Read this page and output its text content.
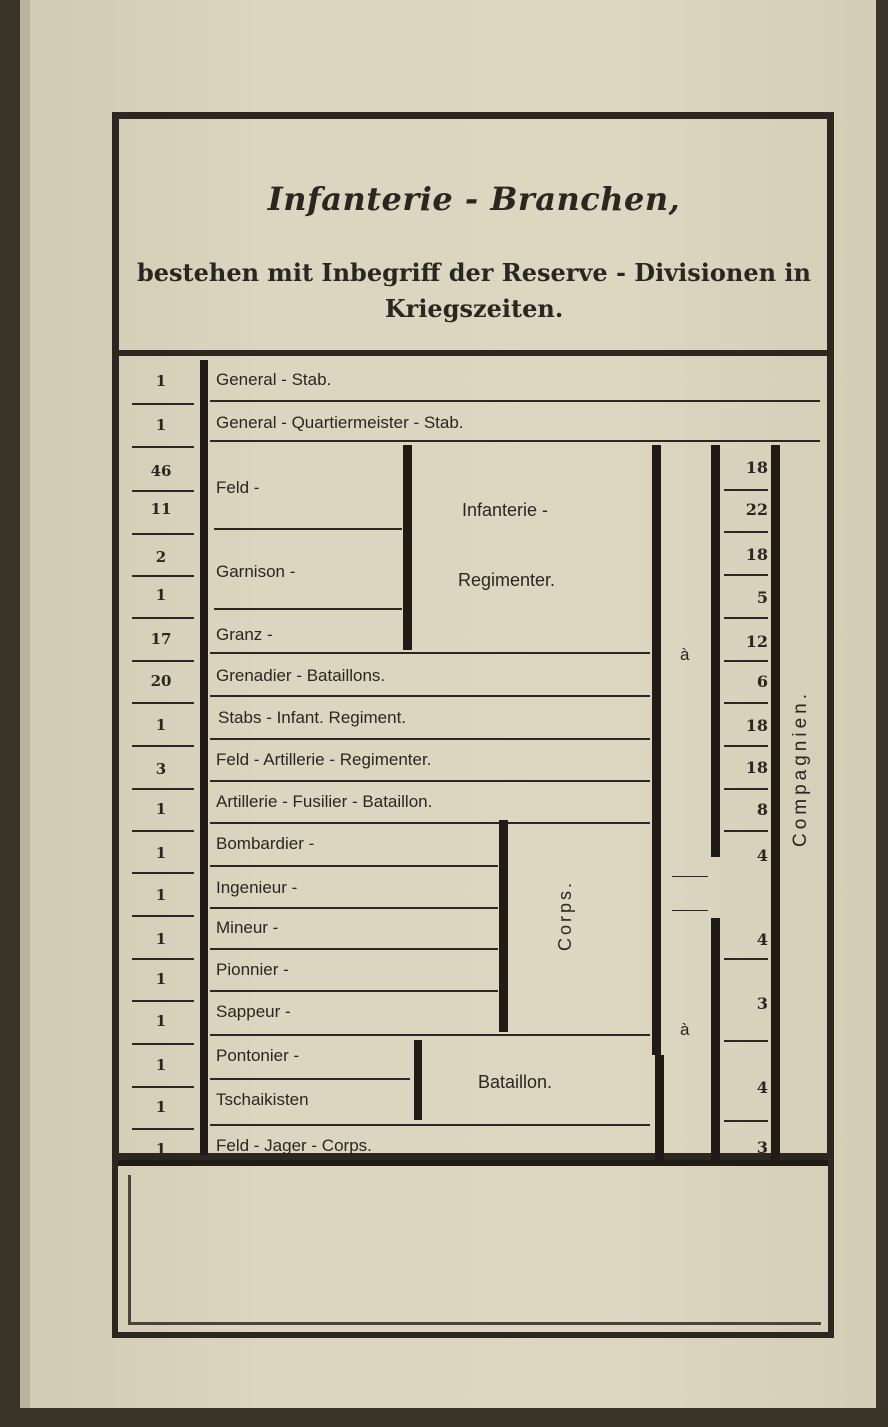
Infanterie - Branchen,
bestehen mit Inbegriff der Reserve - Divisionen in Kriegszeiten.
1
1
46
11
2
1
17
20
1
3
1
1
1
1
1
1
1
1
1
General - Stab.
General - Quartiermeister - Stab.
Feld -
Garnison -
Granz -
Infanterie -
Regimenter.
Grenadier - Bataillons.
Stabs - Infant. Regiment.
Feld - Artillerie - Regimenter.
Artillerie - Fusilier - Bataillon.
Bombardier -
Ingenieur -
Mineur -
Pionnier -
Sappeur -
Corps.
Pontonier -
Tschaikisten
Bataillon.
Feld - Jager - Corps.
à
à
18
22
18
5
12
6
18
18
8
4
4
3
4
3
Compagnien.
